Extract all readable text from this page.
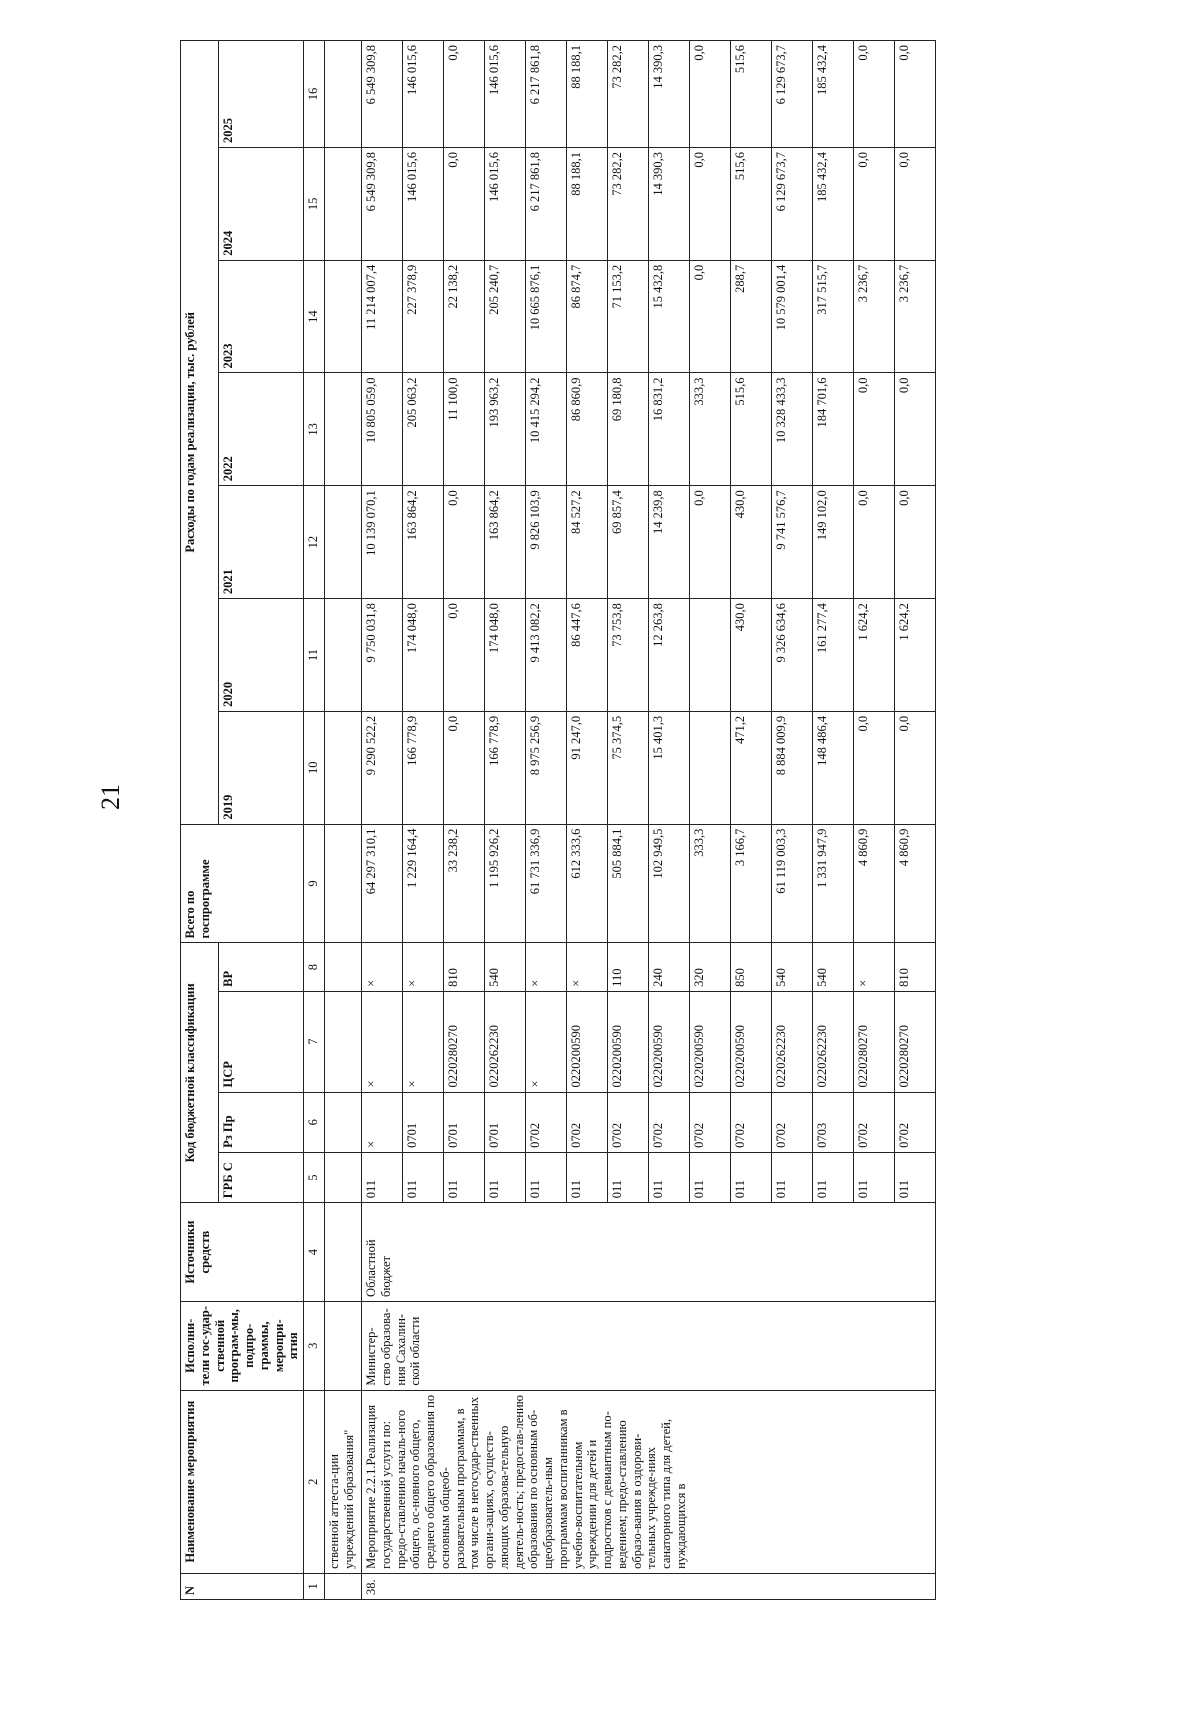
21
N	Наименование мероприятия	Исполни-тели гос-удар-ственной програм-мы, подпро-граммы, меропри-ятия	Источники средств	Код бюджетной классификации				Всего по госпрограмме	Расходы по годам реализации, тыс. рублей						
				ГРБ С	Рз Пр	ЦСР	ВР		2019	2020	2021	2022	2023	2024	2025
1	2	3	4	5	6	7	8	9	10	11	12	13	14	15	16
	ственной аттеста-ции учреждений образования"														
38.	Мероприятие 2.2.1.Реализация государственной услуги по: предо-ставлению началь-ного общего, ос-новного общего, среднего общего образования по основным общеоб-разовательным программам, в том числе в негосудар-ственных органи-зациях, осуществ-ляющих образова-тельную деятель-ность; предостав-лению образования по основным об-щеобразователь-ным программам воспитанникам в учебно-воспитательном учреждении для детей и подростков с девиантным по-ведением; предо-ставлению образо-вания в оздорови-тельных учрежде-ниях санаторного типа для детей, нуждающихся в	Министер-ство образова-ния Сахалин-ской области	Областной бюджет	011	×	×	×	64 297 310,1	9 290 522,2	9 750 031,8	10 139 070,1	10 805 059,0	11 214 007,4	6 549 309,8	6 549 309,8
				011	0701	×	×	1 229 164,4	166 778,9	174 048,0	163 864,2	205 063,2	227 378,9	146 015,6	146 015,6
				011	0701	0220280270	810	33 238,2	0,0	0,0	0,0	11 100,0	22 138,2	0,0	0,0
				011	0701	0220262230	540	1 195 926,2	166 778,9	174 048,0	163 864,2	193 963,2	205 240,7	146 015,6	146 015,6
				011	0702	×	×	61 731 336,9	8 975 256,9	9 413 082,2	9 826 103,9	10 415 294,2	10 665 876,1	6 217 861,8	6 217 861,8
				011	0702	0220200590	×	612 333,6	91 247,0	86 447,6	84 527,2	86 860,9	86 874,7	88 188,1	88 188,1
				011	0702	0220200590	110	505 884,1	75 374,5	73 753,8	69 857,4	69 180,8	71 153,2	73 282,2	73 282,2
				011	0702	0220200590	240	102 949,5	15 401,3	12 263,8	14 239,8	16 831,2	15 432,8	14 390,3	14 390,3
				011	0702	0220200590	320	333,3			0,0	333,3	0,0	0,0	0,0
				011	0702	0220200590	850	3 166,7	471,2	430,0	430,0	515,6	288,7	515,6	515,6
				011	0702	0220262230	540	61 119 003,3	8 884 009,9	9 326 634,6	9 741 576,7	10 328 433,3	10 579 001,4	6 129 673,7	6 129 673,7
				011	0703	0220262230	540	1 331 947,9	148 486,4	161 277,4	149 102,0	184 701,6	317 515,7	185 432,4	185 432,4
				011	0702	0220280270	×	4 860,9	0,0	1 624,2	0,0	0,0	3 236,7	0,0	0,0
				011	0702	0220280270	810	4 860,9	0,0	1 624,2	0,0	0,0	3 236,7	0,0	0,0
